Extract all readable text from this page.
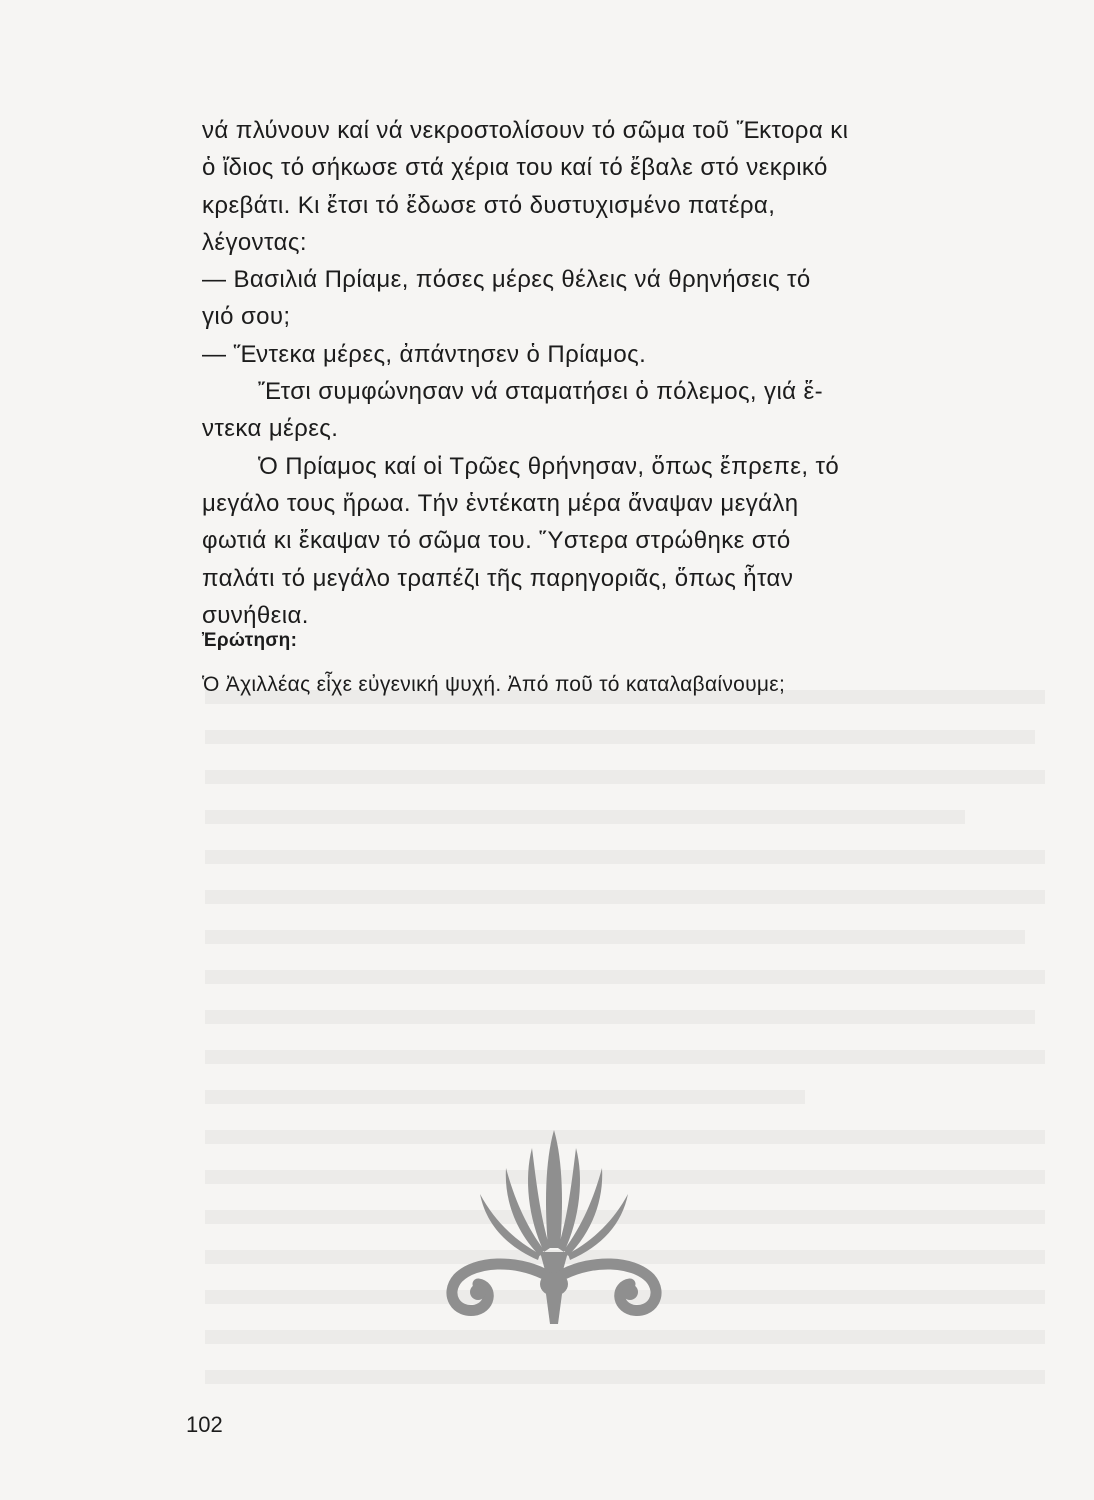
νά πλύνουν καί νά νεκροστολίσουν τό σῶμα τοῦ Ἕκτορα κι
ὁ ἴδιος τό σήκωσε στά χέρια του καί τό ἔβαλε στό νεκρικό
κρεβάτι. Κι ἔτσι τό ἔδωσε στό δυστυχισμένο πατέρα,
λέγοντας:
— Βασιλιά Πρίαμε, πόσες μέρες θέλεις νά θρηνήσεις τό
γιό σου;
— Ἕντεκα μέρες, ἀπάντησεν ὁ Πρίαμος.
Ἔτσι συμφώνησαν νά σταματήσει ὁ πόλεμος, γιά ἕ-
ντεκα μέρες.
Ὁ Πρίαμος καί οἱ Τρῶες θρήνησαν, ὅπως ἔπρεπε, τό
μεγάλο τους ἥρωα. Τήν ἑντέκατη μέρα ἄναψαν μεγάλη
φωτιά κι ἔκαψαν τό σῶμα του. Ὕστερα στρώθηκε στό
παλάτι τό μεγάλο τραπέζι τῆς παρηγοριᾶς, ὅπως ἦταν
συνήθεια.
Ἐρώτηση:
Ὁ Ἀχιλλέας εἶχε εὐγενική ψυχή. Ἀπό ποῦ τό καταλαβαίνουμε;
102
